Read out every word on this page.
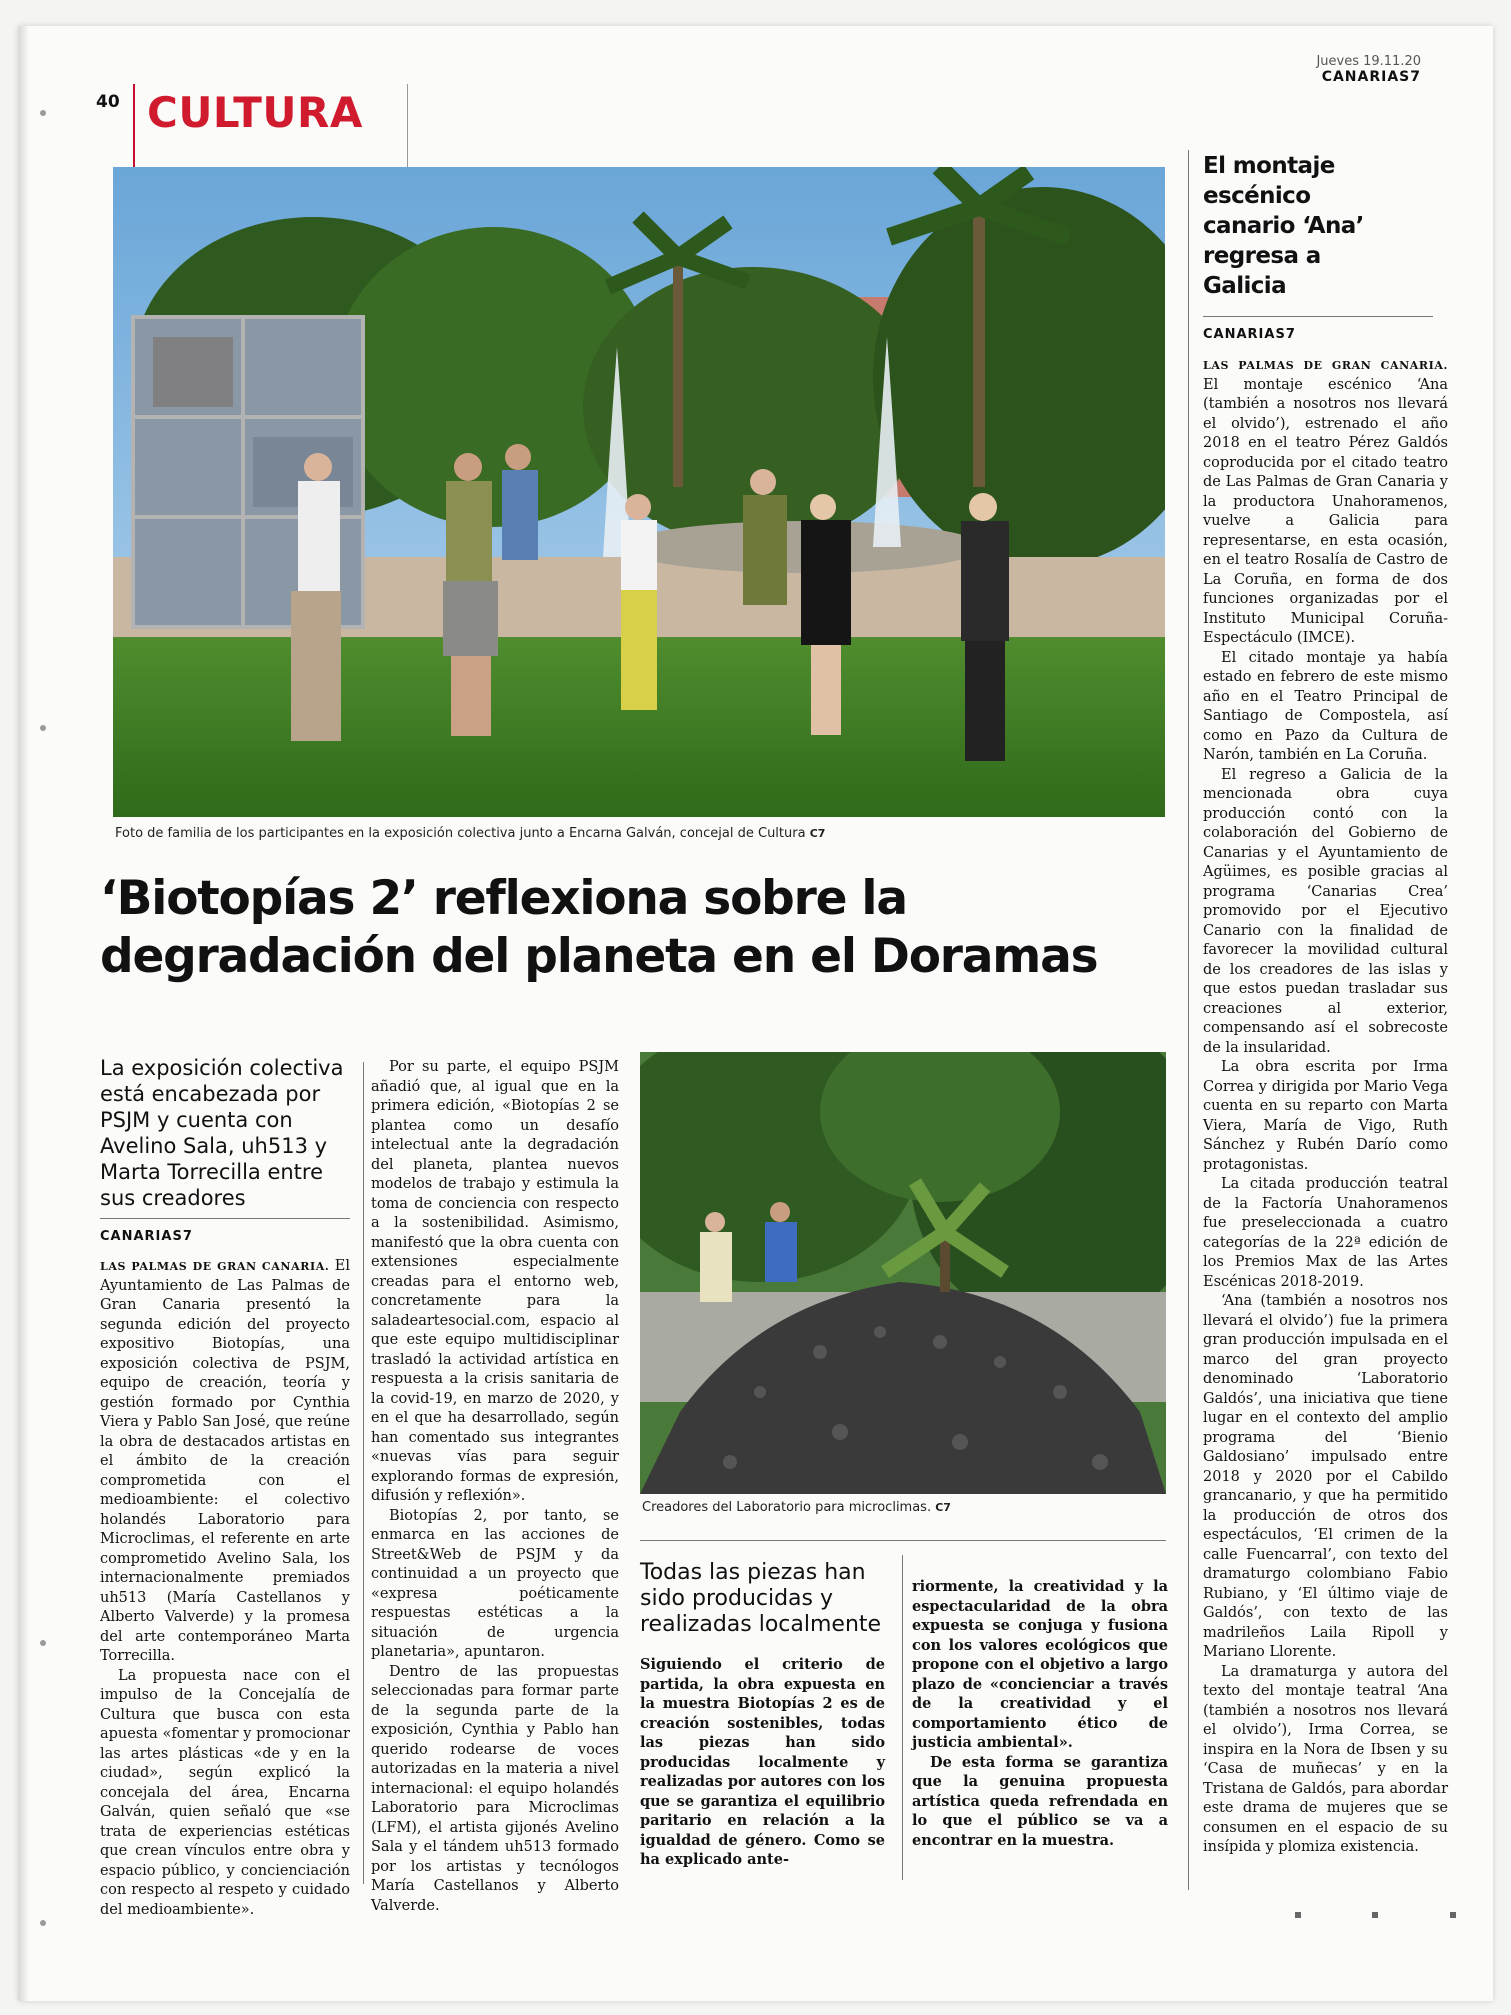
40 CULTURA
Jueves 19.11.20
CANARIAS7
Foto de familia de los participantes en la exposición colectiva junto a Encarna Galván, concejal de Cultura C7
‘Biotopías 2’ reflexiona sobre la
degradación del planeta en el Doramas
La exposición colectiva está encabezada por PSJM y cuenta con Avelino Sala, uh513 y Marta Torrecilla entre sus creadores
CANARIAS7

LAS PALMAS DE GRAN CANARIA. El Ayuntamiento de Las Palmas de Gran Canaria presentó la segunda edición del proyecto expositivo Biotopías, una exposición colectiva de PSJM, equipo de creación, teoría y gestión formado por Cynthia Viera y Pablo San José, que reúne la obra de destacados artistas en el ámbito de la creación comprometida con el medioambiente: el colectivo holandés Laboratorio para Microclimas, el referente en arte comprometido Avelino Sala, los internacionalmente premiados uh513 (María Castellanos y Alberto Valverde) y la promesa del arte contemporáneo Marta Torrecilla.

La propuesta nace con el impulso de la Concejalía de Cultura que busca con esta apuesta «fomentar y promocionar las artes plásticas «de y en la ciudad», según explicó la concejala del área, Encarna Galván, quien señaló que «se trata de experiencias estéticas que crean vínculos entre obra y espacio público, y concienciación con respecto al respeto y cuidado del medioambiente».

Por su parte, el equipo PSJM añadió que, al igual que en la primera edición, «Biotopías 2 se plantea como un desafío intelectual ante la degradación del planeta, plantea nuevos modelos de trabajo y estimula la toma de conciencia con respecto a la sostenibilidad. Asimismo, manifestó que la obra cuenta con extensiones especialmente creadas para el entorno web, concretamente para la saladeartesocial.com, espacio al que este equipo multidisciplinar trasladó la actividad artística en respuesta a la crisis sanitaria de la covid-19, en marzo de 2020, y en el que ha desarrollado, según han comentado sus integrantes «nuevas vías para seguir explorando formas de expresión, difusión y reflexión».

Biotopías 2, por tanto, se enmarca en las acciones de Street&Web de PSJM y da continuidad a un proyecto que «expresa poéticamente respuestas estéticas a la situación de urgencia planetaria», apuntaron.

Dentro de las propuestas seleccionadas para formar parte de la segunda parte de la exposición, Cynthia y Pablo han querido rodearse de voces autorizadas en la materia a nivel internacional: el equipo holandés Laboratorio para Microclimas (LFM), el artista gijonés Avelino Sala y el tándem uh513 formado por los artistas y tecnólogos María Castellanos y Alberto Valverde.

Creadores del Laboratorio para microclimas. C7
Todas las piezas han sido producidas y realizadas localmente

Siguiendo el criterio de partida, la obra expuesta en la muestra Biotopías 2 es de creación sostenibles, todas las piezas han sido producidas localmente y realizadas por autores con los que se garantiza el equilibrio paritario en relación a la igualdad de género. Como se ha explicado ante-

riormente, la creatividad y la espectacularidad de la obra expuesta se conjuga y fusiona con los valores ecológicos que propone con el objetivo a largo plazo de «concienciar a través de la creatividad y el comportamiento ético de justicia ambiental».

De esta forma se garantiza que la genuina propuesta artística queda refrendada en lo que el público se va a encontrar en la muestra.

El montaje escénico canario ‘Ana’ regresa a Galicia
CANARIAS7

LAS PALMAS DE GRAN CANARIA. El montaje escénico ‘Ana (también a nosotros nos llevará el olvido’), estrenado el año 2018 en el teatro Pérez Galdós coproducida por el citado teatro de Las Palmas de Gran Canaria y la productora Unahoramenos, vuelve a Galicia para representarse, en esta ocasión, en el teatro Rosalía de Castro de La Coruña, en forma de dos funciones organizadas por el Instituto Municipal Coruña-Espectáculo (IMCE).

El citado montaje ya había estado en febrero de este mismo año en el Teatro Principal de Santiago de Compostela, así como en Pazo da Cultura de Narón, también en La Coruña.

El regreso a Galicia de la mencionada obra cuya producción contó con la colaboración del Gobierno de Canarias y el Ayuntamiento de Agüimes, es posible gracias al programa ‘Canarias Crea’ promovido por el Ejecutivo Canario con la finalidad de favorecer la movilidad cultural de los creadores de las islas y que estos puedan trasladar sus creaciones al exterior, compensando así el sobrecoste de la insularidad.

La obra escrita por Irma Correa y dirigida por Mario Vega cuenta en su reparto con Marta Viera, María de Vigo, Ruth Sánchez y Rubén Darío como protagonistas.

La citada producción teatral de la Factoría Unahoramenos fue preseleccionada a cuatro categorías de la 22ª edición de los Premios Max de las Artes Escénicas 2018-2019.

‘Ana (también a nosotros nos llevará el olvido’) fue la primera gran producción impulsada en el marco del gran proyecto denominado ‘Laboratorio Galdós’, una iniciativa que tiene lugar en el contexto del amplio programa del ‘Bienio Galdosiano’ impulsado entre 2018 y 2020 por el Cabildo grancanario, y que ha permitido la producción de otros dos espectáculos, ‘El crimen de la calle Fuencarral’, con texto del dramaturgo colombiano Fabio Rubiano, y ‘El último viaje de Galdós’, con texto de las madrileños Laila Ripoll y Mariano Llorente.

La dramaturga y autora del texto del montaje teatral ‘Ana (también a nosotros nos llevará el olvido’), Irma Correa, se inspira en la Nora de Ibsen y su ‘Casa de muñecas’ y en la Tristana de Galdós, para abordar este drama de mujeres que se consumen en el espacio de su insípida y plomiza existencia.
